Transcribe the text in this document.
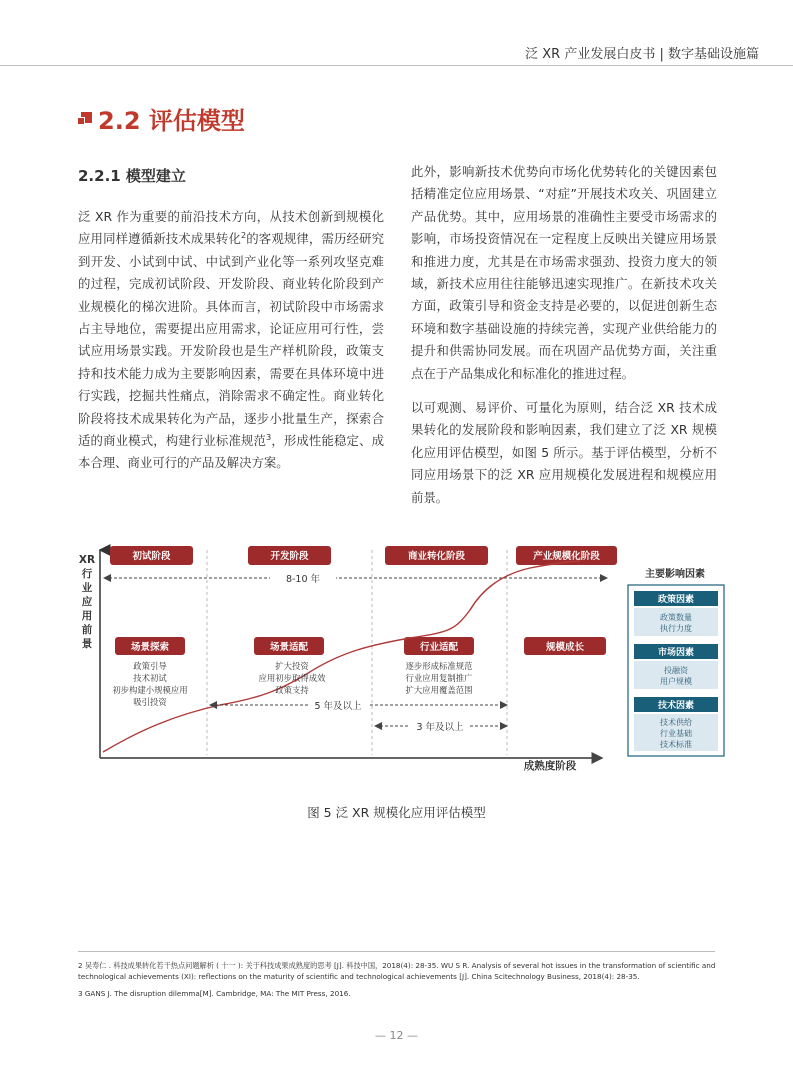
泛 XR 产业发展白皮书 | 数字基础设施篇
2.2 评估模型
2.2.1 模型建立

泛 XR 作为重要的前沿技术方向，从技术创新到规模化应用同样遵循新技术成果转化$^2$的客观规律，需历经研究到开发、小试到中试、中试到产业化等一系列攻坚克难的过程，完成初试阶段、开发阶段、商业转化阶段到产业规模化的梯次进阶。具体而言，初试阶段中市场需求占主导地位，需要提出应用需求，论证应用可行性，尝试应用场景实践。开发阶段也是生产样机阶段，政策支持和技术能力成为主要影响因素，需要在具体环境中进行实践，挖掘共性痛点，消除需求不确定性。商业转化阶段将技术成果转化为产品，逐步小批量生产，探索合适的商业模式，构建行业标准规范$^3$，形成性能稳定、成本合理、商业可行的产品及解决方案。

此外，影响新技术优势向市场化优势转化的关键因素包括精准定位应用场景、“对症”开展技术攻关、巩固建立产品优势。其中，应用场景的准确性主要受市场需求的影响，市场投资情况在一定程度上反映出关键应用场景和推进力度，尤其是在市场需求强劲、投资力度大的领域，新技术应用往往能够迅速实现推广。在新技术攻关方面，政策引导和资金支持是必要的，以促进创新生态环境和数字基础设施的持续完善，实现产业供给能力的提升和供需协同发展。而在巩固产品优势方面，关注重点在于产品集成化和标准化的推进过程。

以可观测、易评价、可量化为原则，结合泛 XR 技术成果转化的发展阶段和影响因素，我们建立了泛 XR 规模化应用评估模型，如图 5 所示。基于评估模型，分析不同应用场景下的泛 XR 应用规模化发展进程和规模应用前景。

XR
行
业
应
用
前
景
成熟度阶段
初试阶段	开发阶段	商业转化阶段	产业规模化阶段
8-10 年
场景探索	场景适配	行业适配	规模成长
政策引导
技术初试
初步构建小规模应用
吸引投资
扩大投资
应用初步取得成效
政策支持
逐步形成标准规范
行业应用复制推广
扩大应用覆盖范围
5 年及以上
3 年及以上
主要影响因素
政策因素
政策数量
执行力度
市场因素
投融资
用户规模
技术因素
技术供给
行业基础
技术标准
图 5 泛 XR 规模化应用评估模型

2 吴寿仁 . 科技成果转化若干热点问题解析 ( 十一 ): 关于科技成果成熟度的思考 [J]. 科技中国，2018(4): 28-35. WU S R. Analysis of several hot issues in the transformation of scientific and technological achievements (XI): reflections on the maturity of scientific and technological achievements [J]. China Scitechnology Business, 2018(4): 28-35.

3 GANS J. The disruption dilemma[M]. Cambridge, MA: The MIT Press, 2016.

— 12 —
